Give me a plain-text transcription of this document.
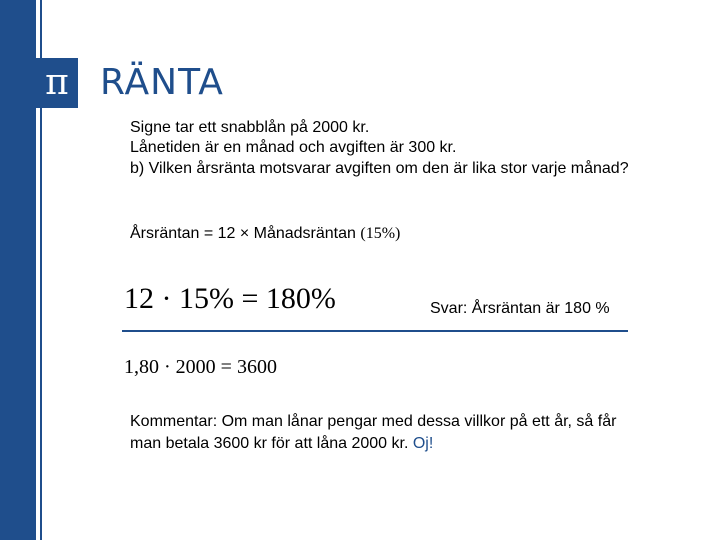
π RÄNTA
Signe tar ett snabblån på 2000 kr.
Lånetiden är en månad och avgiften är 300 kr.
b) Vilken årsränta motsvarar avgiften om den är lika stor varje månad?
Årsräntan = 12 × Månadsräntan (15%)
12 · 15% = 180%	Svar: Årsräntan är 180 %
1,80 · 2000 = 3600
Kommentar: Om man lånar pengar med dessa villkor på ett år, så får
man betala 3600 kr för att låna 2000 kr. Oj!
